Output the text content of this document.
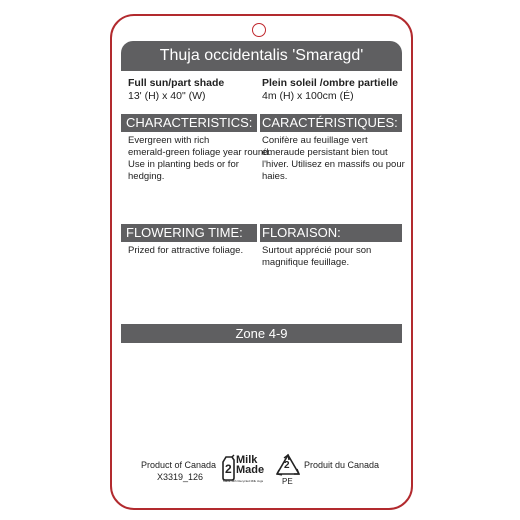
Thuja occidentalis 'Smaragd'
Full sun/part shade
13' (H) x 40" (W)
Plein soleil /ombre partielle
4m (H) x 100cm (É)
CHARACTERISTICS: CARACTÉRISTIQUES:
Evergreen with rich
emerald-green foliage year round.
Use in planting beds or for
hedging.
Conifère au feuillage vert
émeraude persistant bien tout
l'hiver. Utilisez en massifs ou pour
haies.
FLOWERING TIME: FLORAISON:
Prized for attractive foliage. Surtout apprécié pour son
magnifique feuillage.
Zone 4-9
Product of Canada
X3319_126
2
Milk
Made
Made with Recycled Milk Jugs
2
PE
Produit du Canada
